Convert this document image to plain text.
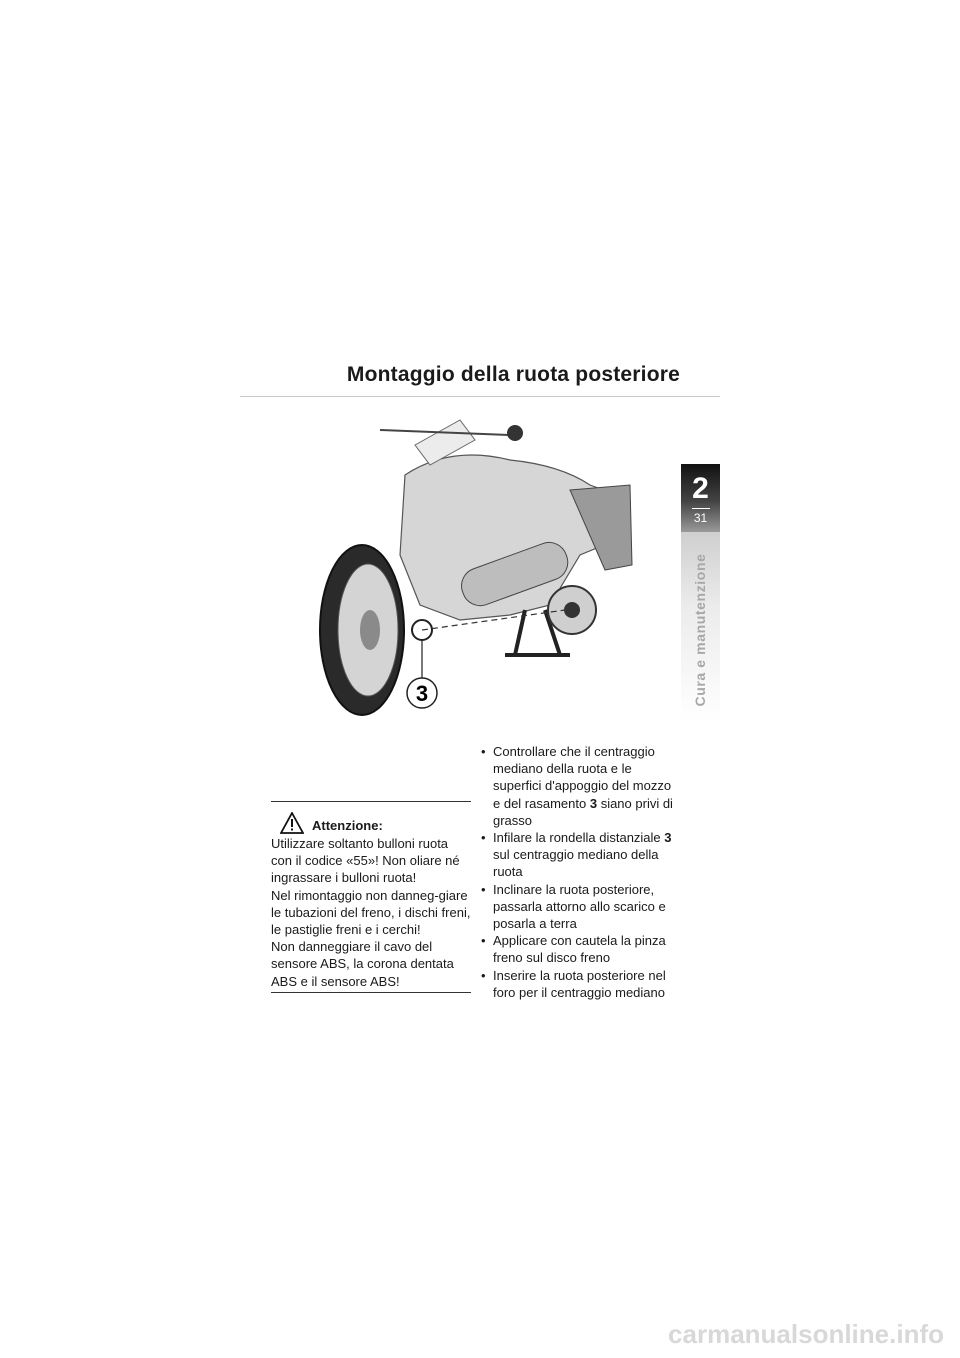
Montaggio della ruota posteriore
2
31
Cura e manutenzione
3
Attenzione:

Utilizzare soltanto bulloni ruota con il codice «55»! Non oliare né ingrassare i bulloni ruota!

Nel rimontaggio non danneg-giare le tubazioni del freno, i dischi freni, le pastiglie freni e i cerchi!

Non danneggiare il cavo del sensore ABS, la corona dentata ABS e il sensore ABS!

• Controllare che il centraggio mediano della ruota e le superfici d'appoggio del mozzo e del rasamento 3 siano privi di grasso
• Infilare la rondella distanziale 3 sul centraggio mediano della ruota
• Inclinare la ruota posteriore, passarla attorno allo scarico e posarla a terra
• Applicare con cautela la pinza freno sul disco freno
• Inserire la ruota posteriore nel foro per il centraggio mediano
carmanualsonline.info
